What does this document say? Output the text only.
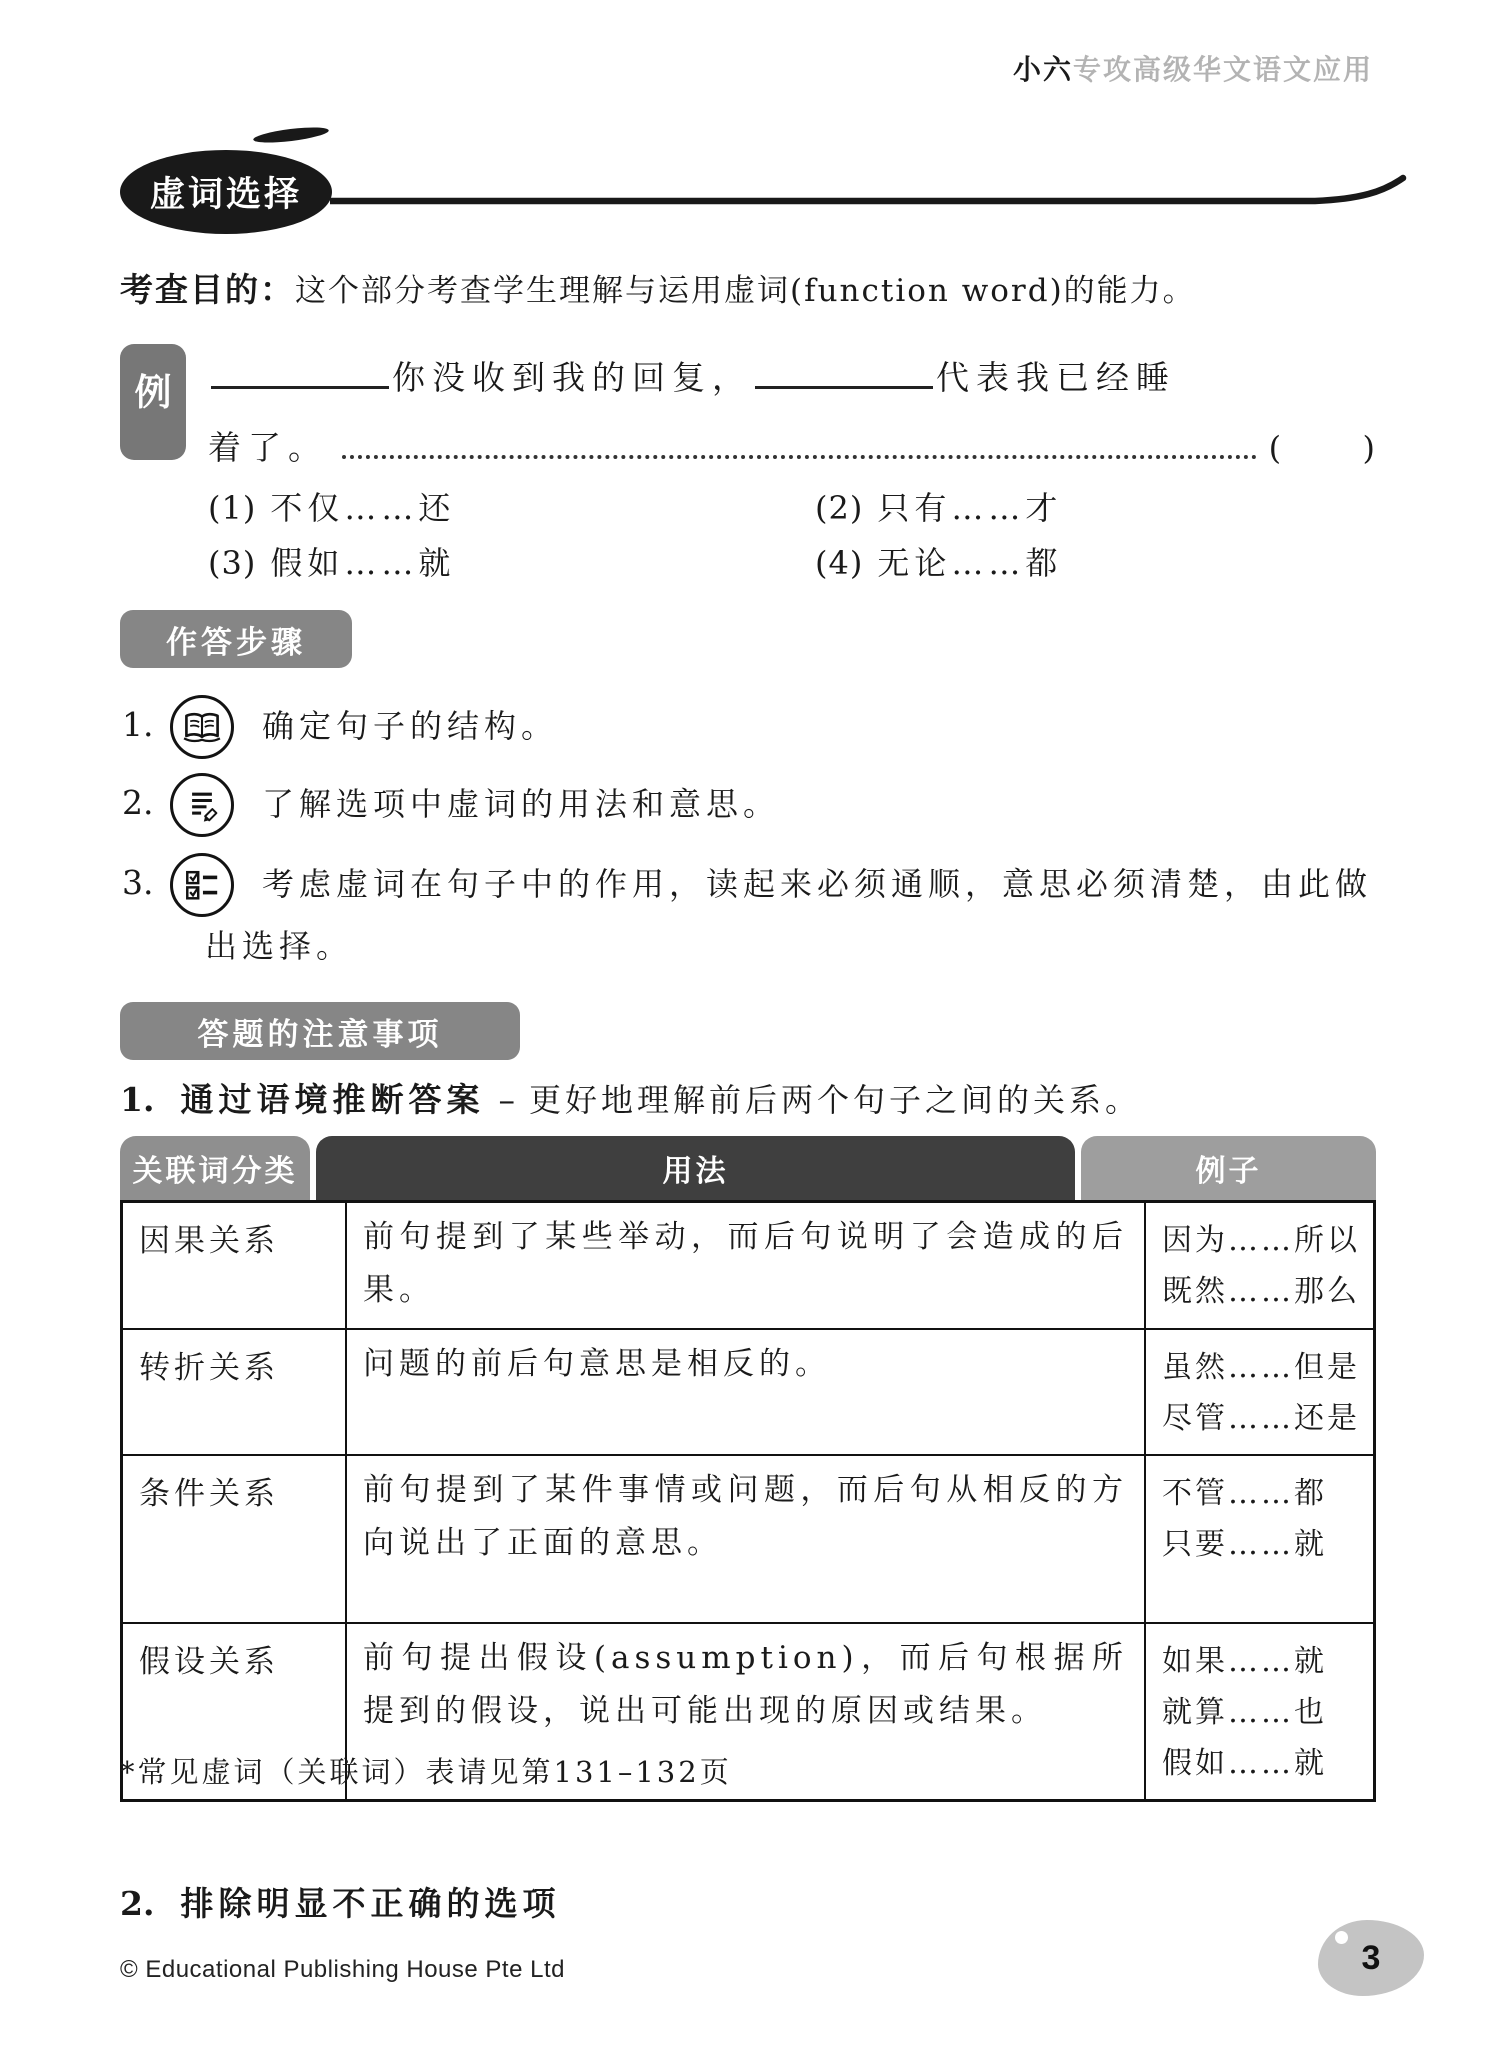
小六专攻高级华文语文应用
虚词选择
考查目的：这个部分考查学生理解与运用虚词(function word)的能力。
例	你没收到我的回复，	代表我已经睡
着了。	(        )
(1) 不仅……还	(2) 只有……才
(3) 假如……就	(4) 无论……都
作答步骤
1.	确定句子的结构。
2.	了解选项中虚词的用法和意思。
3.	考虑虚词在句子中的作用，读起来必须通顺，意思必须清楚，由此做出选择。
答题的注意事项
1. 通过语境推断答案 – 更好地理解前后两个句子之间的关系。
关联词分类	用法	例子
因果关系	前句提到了某些举动，而后句说明了会造成的后果。	因为……所以
既然……那么

转折关系	问题的前后句意思是相反的。	虽然……但是
尽管……还是

条件关系	前句提到了某件事情或问题，而后句从相反的方向说出了正面的意思。	不管……都
只要……就

假设关系	前句提出假设(assumption)，而后句根据所提到的假设，说出可能出现的原因或结果。	如果……就
就算……也
假如……就
*常见虚词（关联词）表请见第131–132页
2. 排除明显不正确的选项
© Educational Publishing House Pte Ltd	3
